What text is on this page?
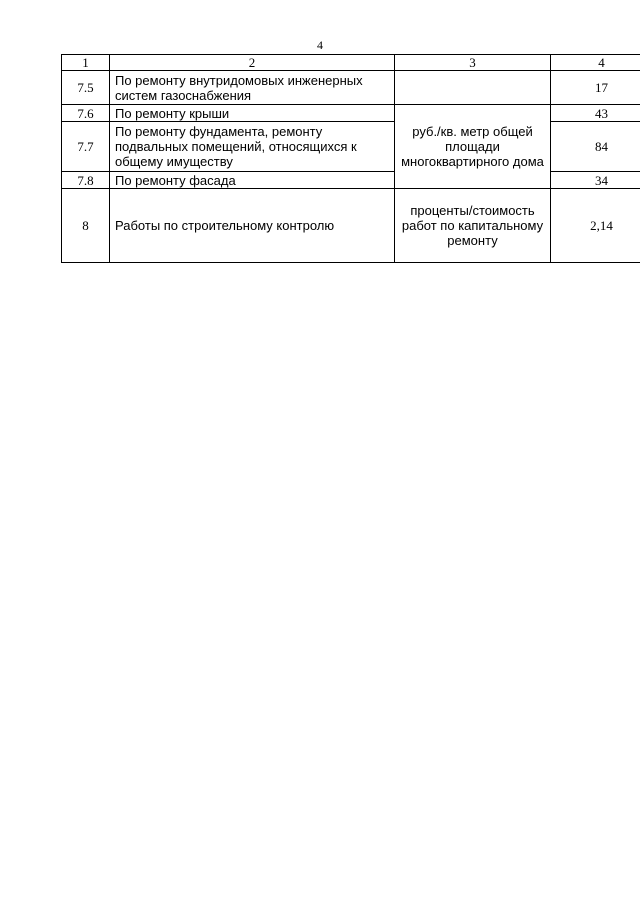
4
1	2	3	4
7.5	По ремонту внутридомовых инженерных систем газоснабжения		17
7.6	По ремонту крыши	руб./кв. метр общей площади многоквартирного дома	43
7.7	По ремонту фундамента, ремонту подвальных помещений, относящихся к общему имуществу		84
7.8	По ремонту фасада		34
8	Работы по строительному контролю	проценты/стоимость работ по капитальному ремонту	2,14
